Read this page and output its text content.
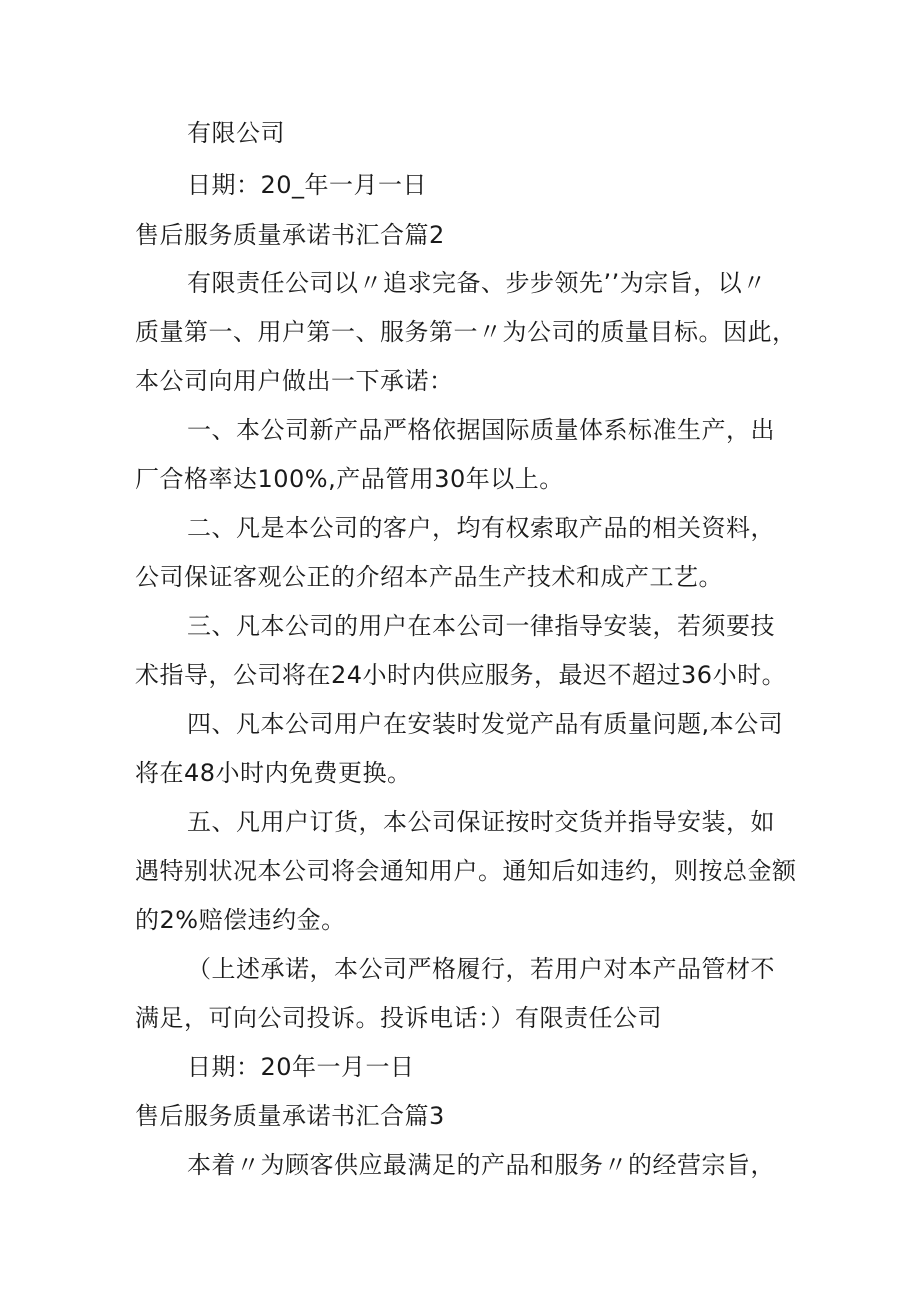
有限公司
日期：20_年一月一日
售后服务质量承诺书汇合篇2
有限责任公司以〃追求完备、步步领先’’为宗旨，以〃
质量第一、用户第一、服务第一〃为公司的质量目标。因此，
本公司向用户做出一下承诺：
一、本公司新产品严格依据国际质量体系标准生产，出
厂合格率达100%,产品管用30年以上。
二、凡是本公司的客户，均有权索取产品的相关资料，
公司保证客观公正的介绍本产品生产技术和成产工艺。
三、凡本公司的用户在本公司一律指导安装，若须要技
术指导，公司将在24小时内供应服务，最迟不超过36小时。
四、凡本公司用户在安装时发觉产品有质量问题,本公司
将在48小时内免费更换。
五、凡用户订货，本公司保证按时交货并指导安装，如
遇特别状况本公司将会通知用户。通知后如违约，则按总金额
的2%赔偿违约金。
（上述承诺，本公司严格履行，若用户对本产品管材不
满足，可向公司投诉。投诉电话：）有限责任公司
日期：20年一月一日
售后服务质量承诺书汇合篇3
本着〃为顾客供应最满足的产品和服务〃的经营宗旨，
